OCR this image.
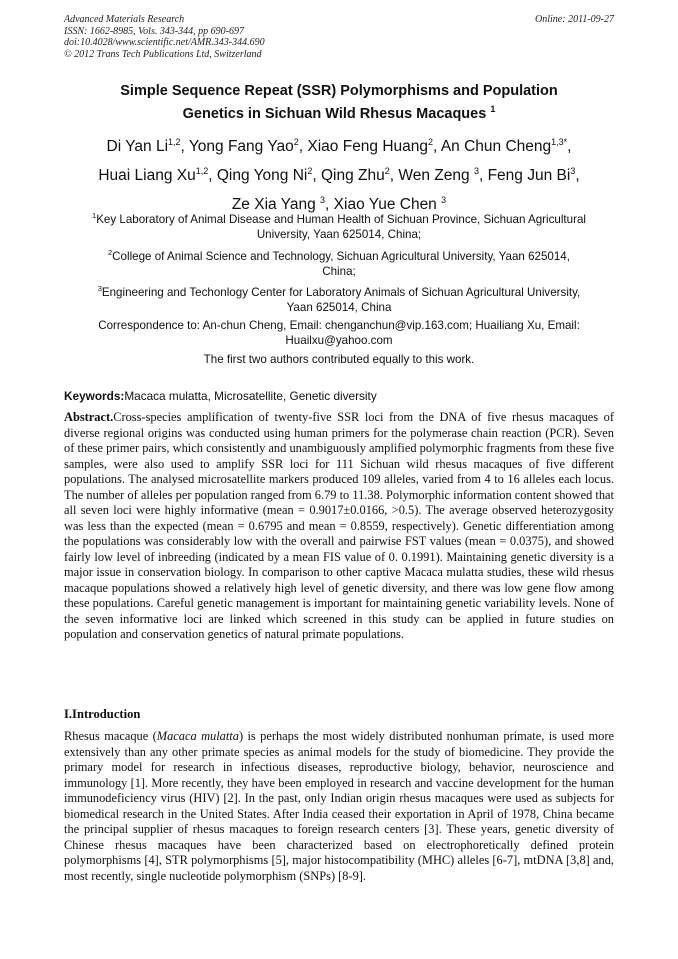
Advanced Materials Research
ISSN: 1662-8985, Vols. 343-344, pp 690-697
doi:10.4028/www.scientific.net/AMR.343-344.690
© 2012 Trans Tech Publications Ltd, Switzerland
Online: 2011-09-27
Simple Sequence Repeat (SSR) Polymorphisms and Population
Genetics in Sichuan Wild Rhesus Macaques $^1$
Di Yan Li$^{1,2}$, Yong Fang Yao$^2$, Xiao Feng Huang$^2$, An Chun Cheng$^{1,3*}$,
Huai Liang Xu$^{1,2}$, Qing Yong Ni$^2$, Qing Zhu$^2$, Wen Zeng $^3$, Feng Jun Bi$^3$,
Ze Xia Yang $^3$, Xiao Yue Chen $^3$
$^1$Key Laboratory of Animal Disease and Human Health of Sichuan Province, Sichuan Agricultural
University, Yaan 625014, China;
$^2$College of Animal Science and Technology, Sichuan Agricultural University, Yaan 625014,
China;
$^3$Engineering and Techonlogy Center for Laboratory Animals of Sichuan Agricultural University,
Yaan 625014, China
Correspondence to: An-chun Cheng, Email: chenganchun@vip.163.com; Huailiang Xu, Email:
Huailxu@yahoo.com
The first two authors contributed equally to this work.
Keywords:Macaca mulatta, Microsatellite, Genetic diversity
Abstract.Cross-species amplification of twenty-five SSR loci from the DNA of five rhesus macaques of diverse regional origins was conducted using human primers for the polymerase chain reaction (PCR). Seven of these primer pairs, which consistently and unambiguously amplified polymorphic fragments from these five samples, were also used to amplify SSR loci for 111 Sichuan wild rhesus macaques of five different populations. The analysed microsatellite markers produced 109 alleles, varied from 4 to 16 alleles each locus. The number of alleles per population ranged from 6.79 to 11.38. Polymorphic information content showed that all seven loci were highly informative (mean = 0.9017±0.0166, >0.5). The average observed heterozygosity was less than the expected (mean = 0.6795 and mean = 0.8559, respectively). Genetic differentiation among the populations was considerably low with the overall and pairwise FST values (mean = 0.0375), and showed fairly low level of inbreeding (indicated by a mean FIS value of 0. 0.1991). Maintaining genetic diversity is a major issue in conservation biology. In comparison to other captive Macaca mulatta studies, these wild rhesus macaque populations showed a relatively high level of genetic diversity, and there was low gene flow among these populations. Careful genetic management is important for maintaining genetic variability levels. None of the seven informative loci are linked which screened in this study can be applied in future studies on population and conservation genetics of natural primate populations.
I.Introduction
Rhesus macaque (Macaca mulatta) is perhaps the most widely distributed nonhuman primate, is used more extensively than any other primate species as animal models for the study of biomedicine. They provide the primary model for research in infectious diseases, reproductive biology, behavior, neuroscience and immunology [1]. More recently, they have been employed in research and vaccine development for the human immunodeficiency virus (HIV) [2]. In the past, only Indian origin rhesus macaques were used as subjects for biomedical research in the United States. After India ceased their exportation in April of 1978, China became the principal supplier of rhesus macaques to foreign research centers [3]. These years, genetic diversity of Chinese rhesus macaques have been characterized based on electrophoretically defined protein polymorphisms [4], STR polymorphisms [5], major histocompatibility (MHC) alleles [6-7], mtDNA [3,8] and, most recently, single nucleotide polymorphism (SNPs) [8-9].
